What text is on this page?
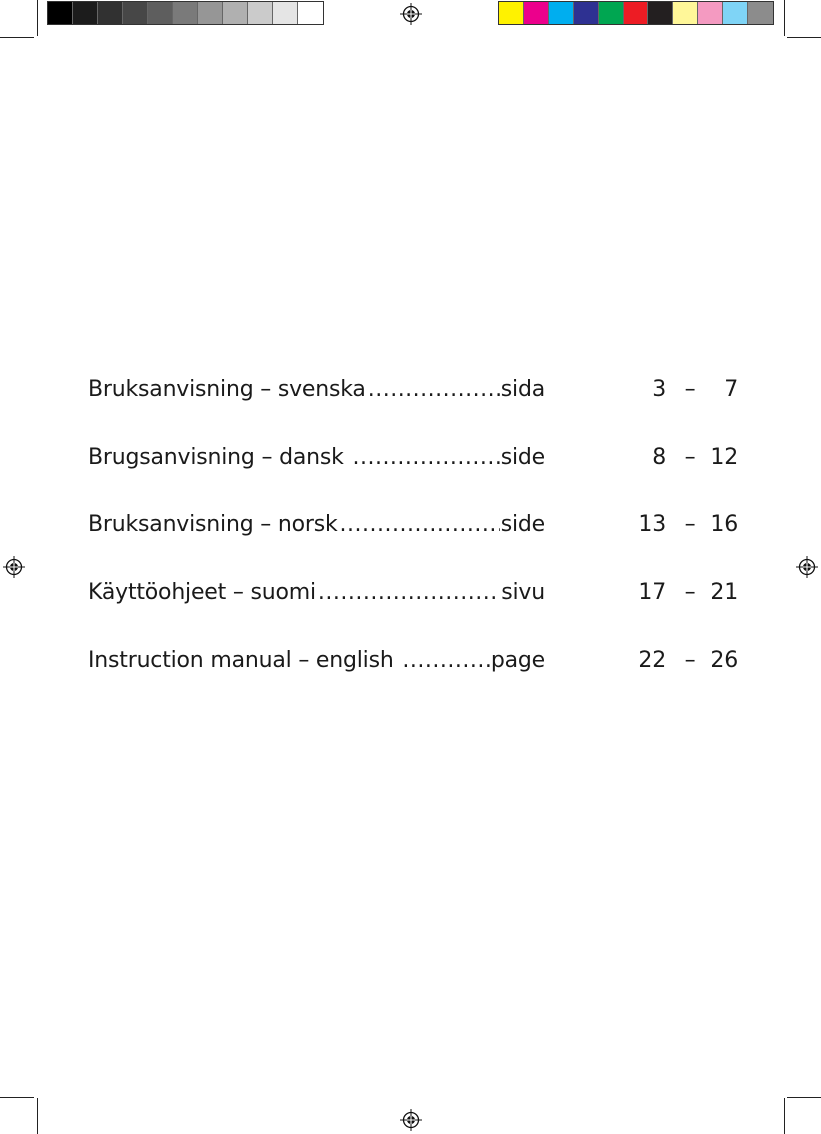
Bruksanvisning – svenska .....	sida	3 –	7
Brugsanvisning – dansk .....	side	8 – 12
Bruksanvisning – norsk .....	side	13 – 16
Käyttöohjeet – suomi .....	sivu	17 – 21
Instruction manual – english .....	page	22 – 26
